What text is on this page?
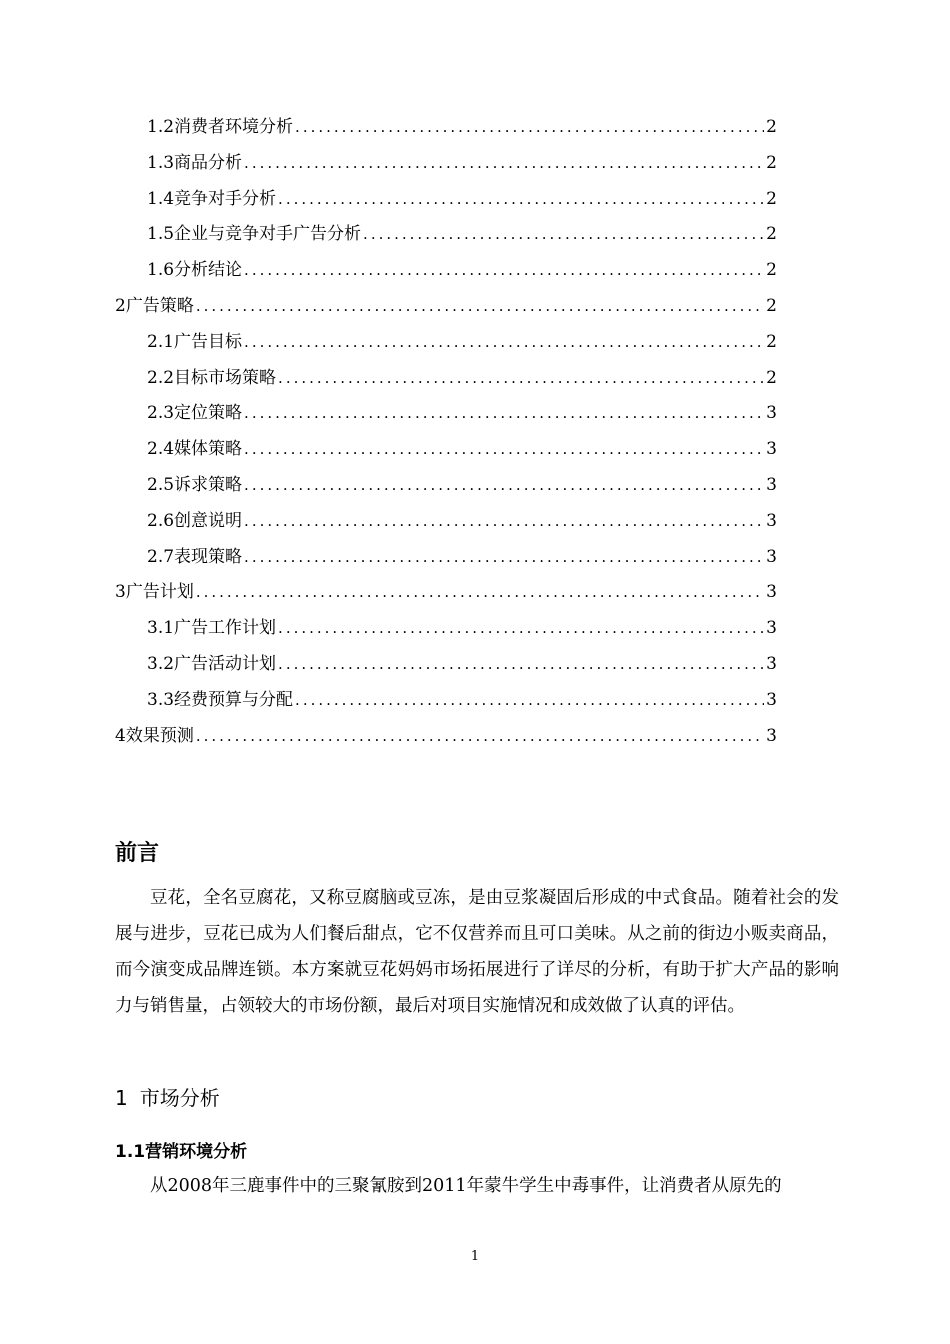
1.2消费者环境分析 .....	2
1.3商品分析 .....	2
1.4竞争对手分析 .....	2
1.5企业与竞争对手广告分析 .....	2
1.6分析结论 .....	2
2广告策略 .....	2
2.1广告目标 .....	2
2.2目标市场策略 .....	2
2.3定位策略 .....	3
2.4媒体策略 .....	3
2.5诉求策略 .....	3
2.6创意说明 .....	3
2.7表现策略 .....	3
3广告计划 .....	3
3.1广告工作计划 .....	3
3.2广告活动计划 .....	3
3.3经费预算与分配 .....	3
4效果预测 .....	3
前言
豆花，全名豆腐花，又称豆腐脑或豆冻，是由豆浆凝固后形成的中式食品。随着社会的发展与进步，豆花已成为人们餐后甜点，它不仅营养而且可口美味。从之前的街边小贩卖商品，而今演变成品牌连锁。本方案就豆花妈妈市场拓展进行了详尽的分析，有助于扩大产品的影响力与销售量，占领较大的市场份额，最后对项目实施情况和成效做了认真的评估。
1 市场分析
1.1营销环境分析
从2008年三鹿事件中的三聚氰胺到2011年蒙牛学生中毒事件，让消费者从原先的
1
